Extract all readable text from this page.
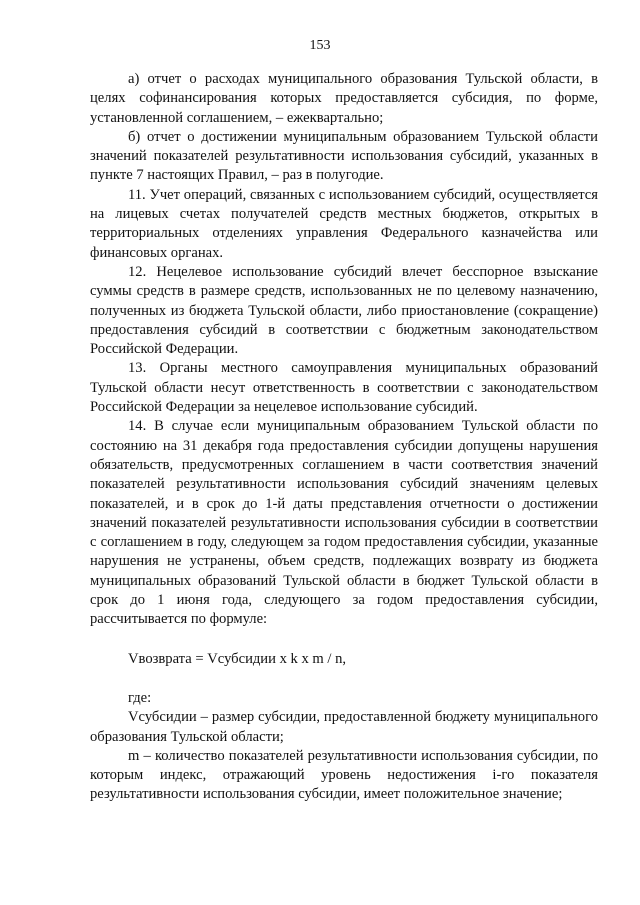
153

а) отчет о расходах муниципального образования Тульской области, в целях софинансирования которых предоставляется субсидия, по форме, установленной соглашением, – ежеквартально;

б) отчет о достижении муниципальным образованием Тульской области значений показателей результативности использования субсидий, указанных в пункте 7 настоящих Правил, – раз в полугодие.

11. Учет операций, связанных с использованием субсидий, осуществляется на лицевых счетах получателей средств местных бюджетов, открытых в территориальных отделениях управления Федерального казначейства или финансовых органах.

12. Нецелевое использование субсидий влечет бесспорное взыскание суммы средств в размере средств, использованных не по целевому назначению, полученных из бюджета Тульской области, либо приостановление (сокращение) предоставления субсидий в соответствии с бюджетным законодательством Российской Федерации.

13. Органы местного самоуправления муниципальных образований Тульской области несут ответственность в соответствии с законодательством Российской Федерации за нецелевое использование субсидий.

14. В случае если муниципальным образованием Тульской области по состоянию на 31 декабря года предоставления субсидии допущены нарушения обязательств, предусмотренных соглашением в части соответствия значений показателей результативности использования субсидий значениям целевых показателей, и в срок до 1-й даты представления отчетности о достижении значений показателей результативности использования субсидии в соответствии с соглашением в году, следующем за годом предоставления субсидии, указанные нарушения не устранены, объем средств, подлежащих возврату из бюджета муниципальных образований Тульской области в бюджет Тульской области в срок до 1 июня года, следующего за годом предоставления субсидии, рассчитывается по формуле:

Vвозврата = Vсубсидии x k x m / n,

где:

Vсубсидии – размер субсидии, предоставленной бюджету муниципального образования Тульской области;

m – количество показателей результативности использования субсидии, по которым индекс, отражающий уровень недостижения i-го показателя результативности использования субсидии, имеет положительное значение;
